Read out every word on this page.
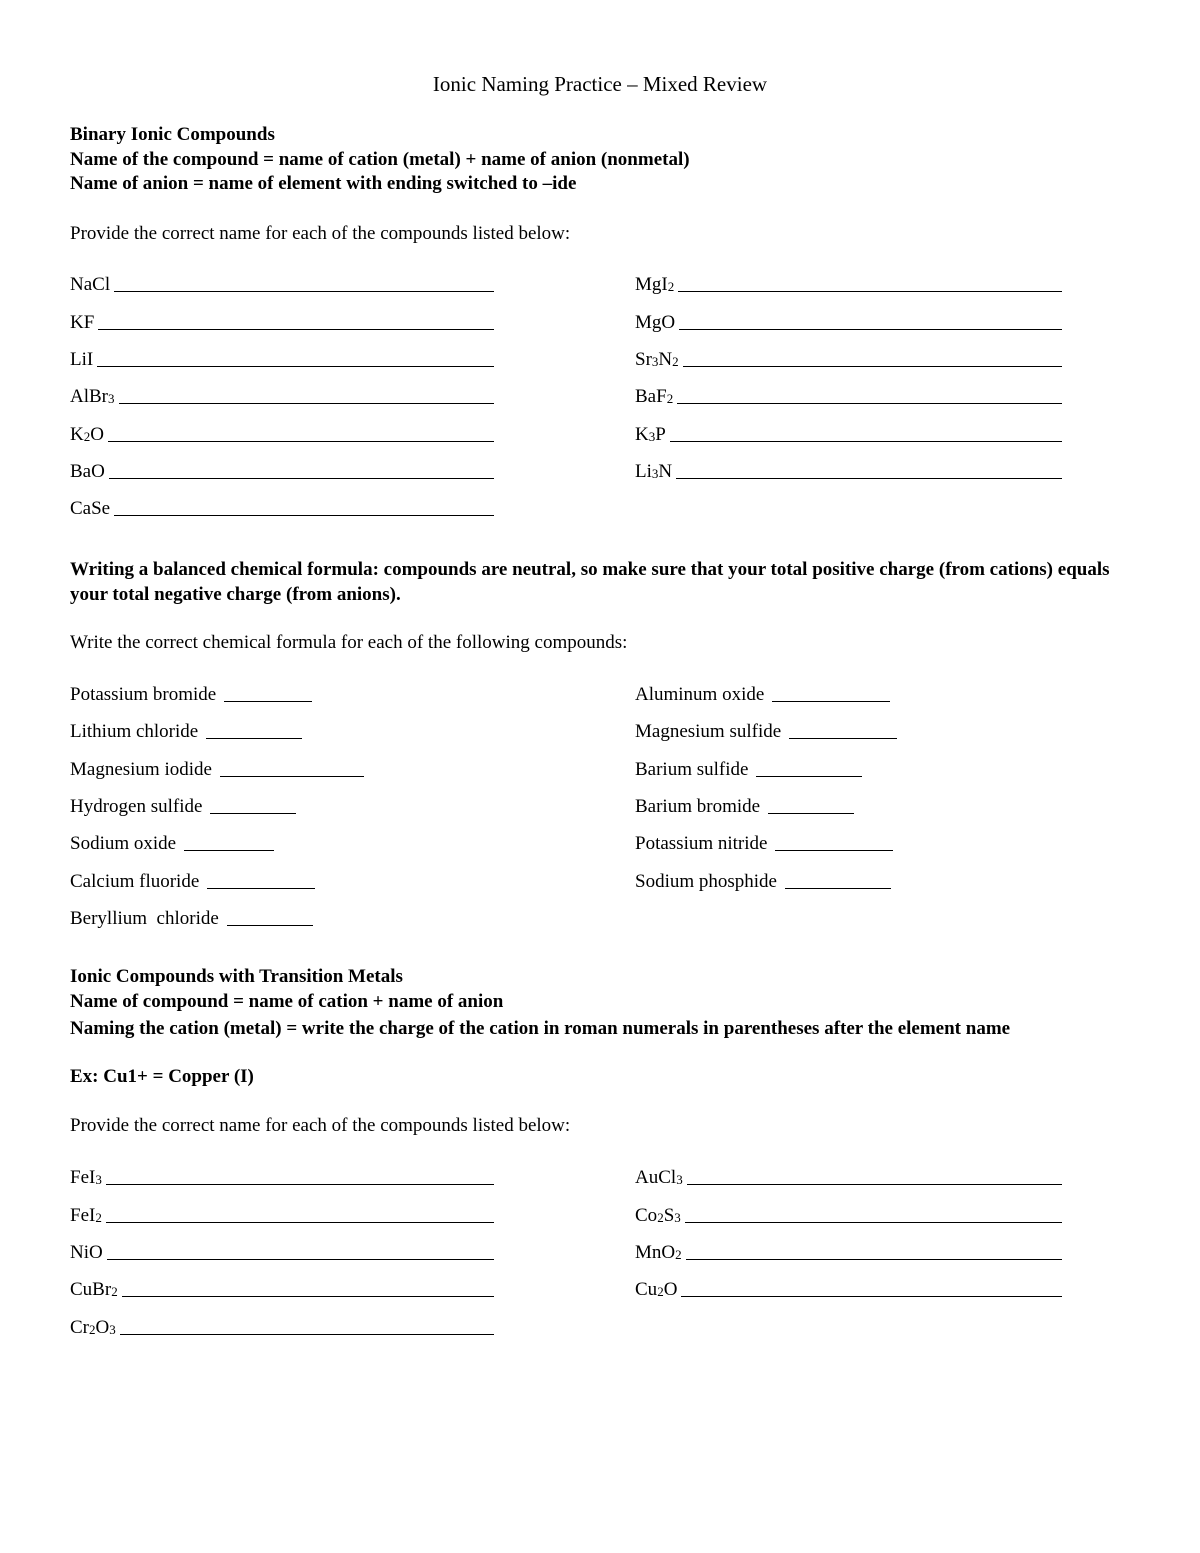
Ionic Naming Practice – Mixed Review
Binary Ionic Compounds
Name of the compound = name of cation (metal) + name of anion (nonmetal)
Name of anion = name of element with ending switched to –ide
Provide the correct name for each of the compounds listed below:
NaCl	MgI$_2$
KF	MgO
LiI	$Sr_3N_2$
AlBr$_3$	BaF$_2$
$K_2O$	$K_3P$
BaO	$Li_3N$
CaSe
Writing a balanced chemical formula: compounds are neutral, so make sure that your total positive charge (from cations) equals your total negative charge (from anions).
Write the correct chemical formula for each of the following compounds:
Potassium bromide	Aluminum oxide
Lithium chloride	Magnesium sulfide
Magnesium iodide	Barium sulfide
Hydrogen sulfide	Barium bromide
Sodium oxide	Potassium nitride
Calcium fluoride	Sodium phosphide
Beryllium  chloride
Ionic Compounds with Transition Metals
Name of compound = name of cation + name of anion
Naming the cation (metal) = write the charge of the cation in roman numerals in parentheses after the element name
Ex: Cu1+ = Copper (I)
Provide the correct name for each of the compounds listed below:
FeI$_3$	AuCl$_3$
FeI$_2$	$Co_2S_3$
NiO	MnO$_2$
CuBr$_2$	$Cu_2O$
$Cr_2O_3$
